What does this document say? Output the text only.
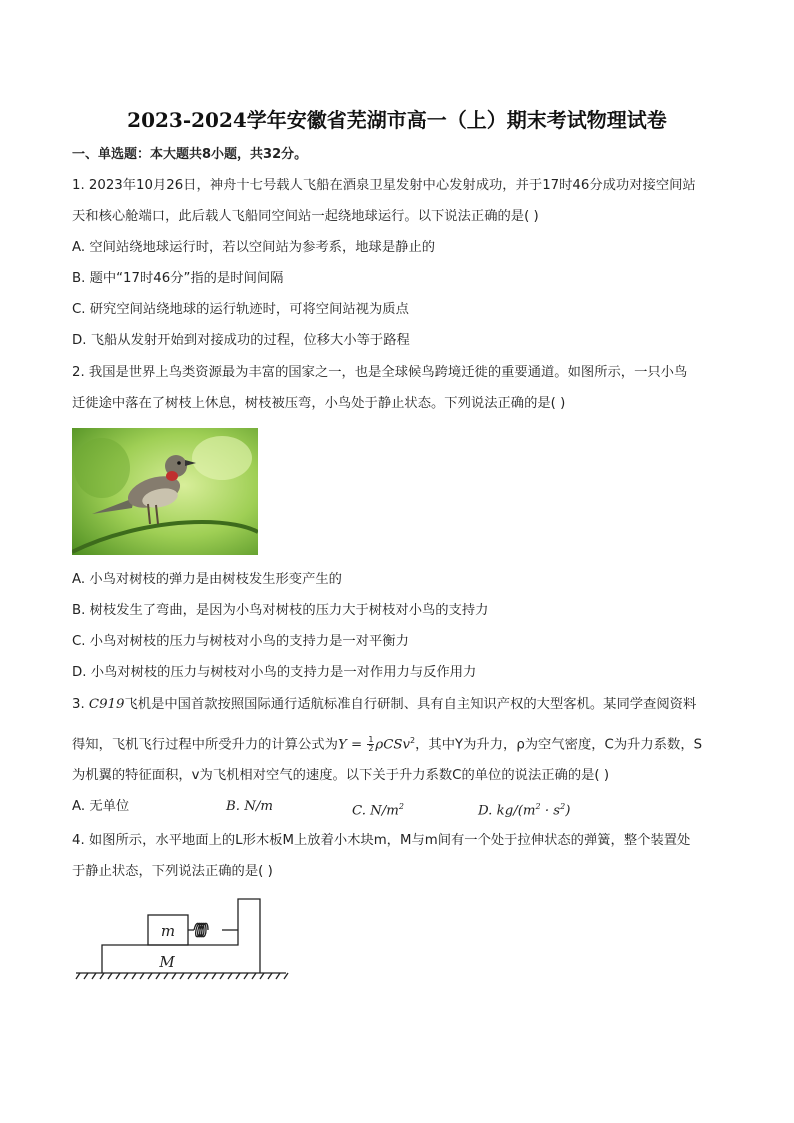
2023-2024学年安徽省芜湖市高一（上）期末考试物理试卷
一、单选题：本大题共8小题，共32分。
1. 2023年10月26日，神舟十七号载人飞船在酒泉卫星发射中心发射成功，并于17时46分成功对接空间站
天和核心舱端口，此后载人飞船同空间站一起绕地球运行。以下说法正确的是( )
A. 空间站绕地球运行时，若以空间站为参考系，地球是静止的
B. 题中“17时46分”指的是时间间隔
C. 研究空间站绕地球的运行轨迹时，可将空间站视为质点
D. 飞船从发射开始到对接成功的过程，位移大小等于路程
2. 我国是世界上鸟类资源最为丰富的国家之一，也是全球候鸟跨境迁徙的重要通道。如图所示，一只小鸟
迁徙途中落在了树枝上休息，树枝被压弯，小鸟处于静止状态。下列说法正确的是( )
A. 小鸟对树枝的弹力是由树枝发生形变产生的
B. 树枝发生了弯曲，是因为小鸟对树枝的压力大于树枝对小鸟的支持力
C. 小鸟对树枝的压力与树枝对小鸟的支持力是一对平衡力
D. 小鸟对树枝的压力与树枝对小鸟的支持力是一对作用力与反作用力
3. C919飞机是中国首款按照国际通行适航标准自行研制、具有自主知识产权的大型客机。某同学查阅资料
得知，飞机飞行过程中所受升力的计算公式为$Y = \frac{1}{2} \rho CSv^2$，其中Y为升力，ρ为空气密度，C为升力系数，S
为机翼的特征面积，v为飞机相对空气的速度。以下关于升力系数C的单位的说法正确的是( )
A. 无单位	B. N/m	C. $N/m^2$	D. $kg/(m^2 \cdot s^2)$
4. 如图所示，水平地面上的L形木板M上放着小木块m，M与m间有一个处于拉伸状态的弹簧，整个装置处
于静止状态，下列说法正确的是( )
m
M
